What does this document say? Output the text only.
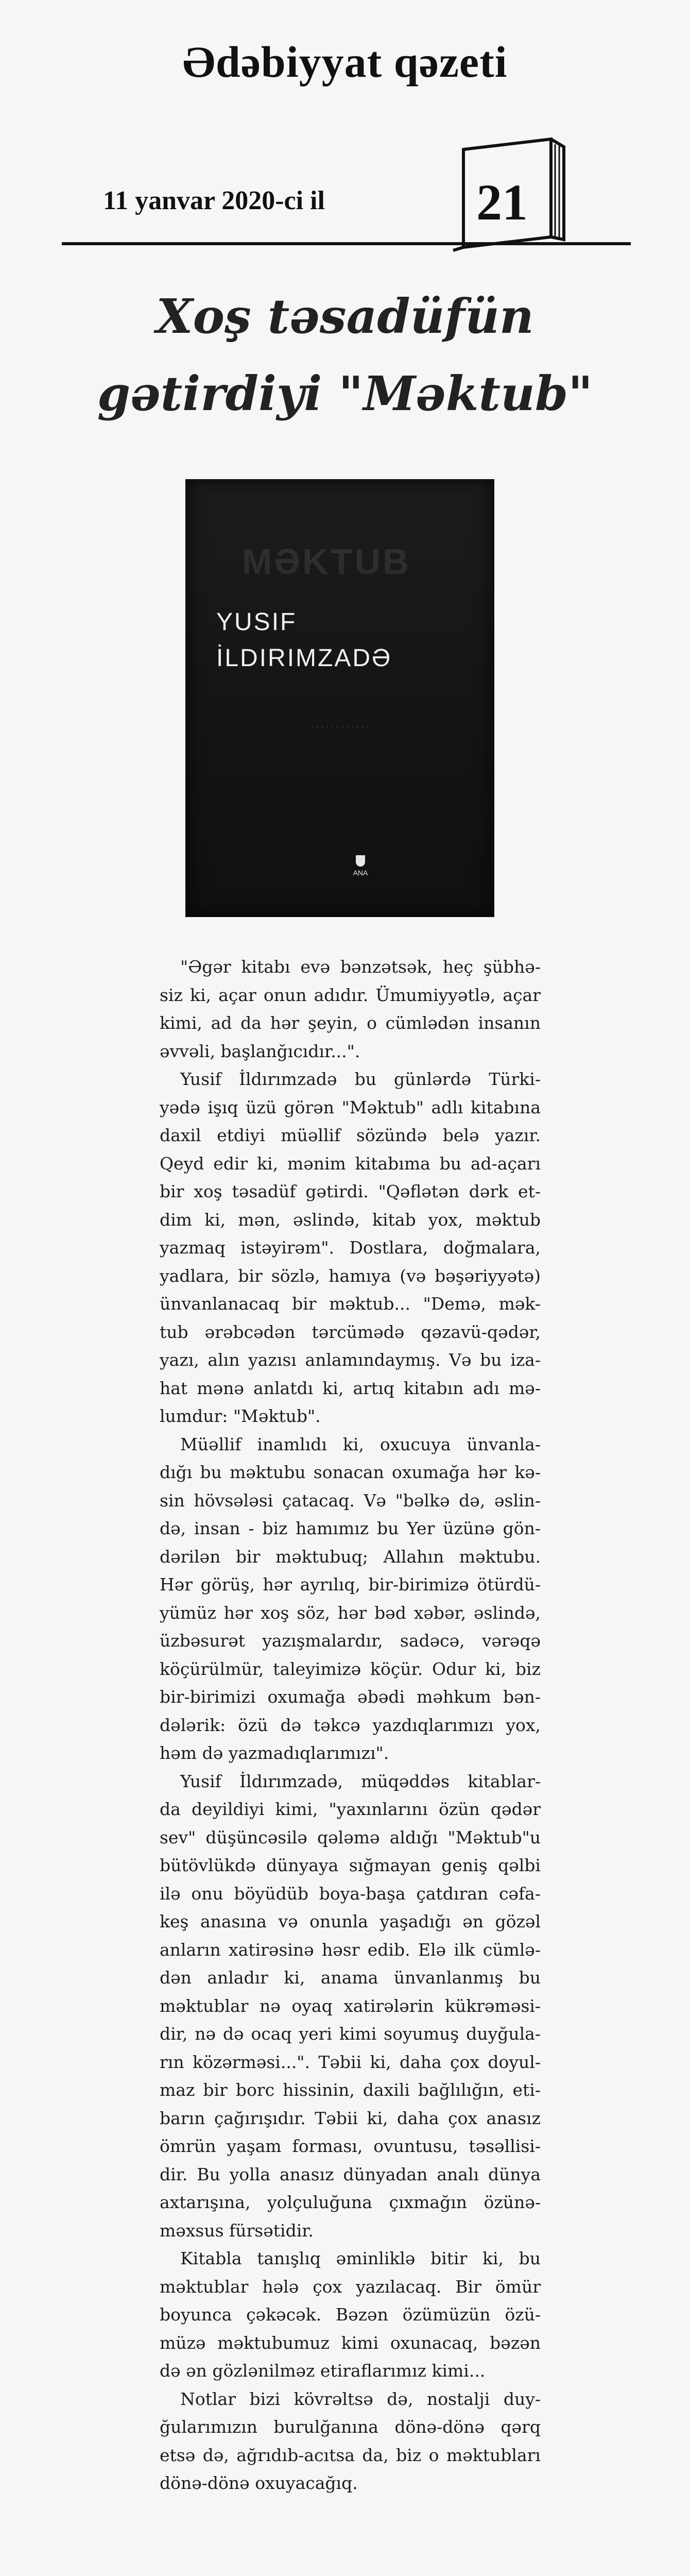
Ədəbiyyat qəzeti
11 yanvar 2020-ci il	21
Xoş təsadüfün
gətirdiyi "Məktub"
MƏKTUB
YUSIF
İLDIRIMZADƏ
· · · · · · · · · · · ·
ANA
"Əgər kitabı evə bənzətsək, heç şübhə-
siz ki, açar onun adıdır. Ümumiyyətlə, açar
kimi, ad da hər şeyin, o cümlədən insanın
əvvəli, başlanğıcıdır...".
Yusif İldırımzadə bu günlərdə Türki-
yədə işıq üzü görən "Məktub" adlı kitabına
daxil etdiyi müəllif sözündə belə yazır.
Qeyd edir ki, mənim kitabıma bu ad-açarı
bir xoş təsadüf gətirdi. "Qəflətən dərk et-
dim ki, mən, əslində, kitab yox, məktub
yazmaq istəyirəm". Dostlara, doğmalara,
yadlara, bir sözlə, hamıya (və bəşəriyyətə)
ünvanlanacaq bir məktub... "Demə, mək-
tub ərəbcədən tərcümədə qəzavü-qədər,
yazı, alın yazısı anlamındaymış. Və bu iza-
hat mənə anlatdı ki, artıq kitabın adı mə-
lumdur: "Məktub".
Müəllif inamlıdı ki, oxucuya ünvanla-
dığı bu məktubu sonacan oxumağa hər kə-
sin hövsələsi çatacaq. Və "bəlkə də, əslin-
də, insan - biz hamımız bu Yer üzünə gön-
dərilən bir məktubuq; Allahın məktubu.
Hər görüş, hər ayrılıq, bir-birimizə ötürdü-
yümüz hər xoş söz, hər bəd xəbər, əslində,
üzbəsurət yazışmalardır, sadəcə, vərəqə
köçürülmür, taleyimizə köçür. Odur ki, biz
bir-birimizi oxumağa əbədi məhkum bən-
dələrik: özü də təkcə yazdıqlarımızı yox,
həm də yazmadıqlarımızı".
Yusif İldırımzadə, müqəddəs kitablar-
da deyildiyi kimi, "yaxınlarını özün qədər
sev" düşüncəsilə qələmə aldığı "Məktub"u
bütövlükdə dünyaya sığmayan geniş qəlbi
ilə onu böyüdüb boya-başa çatdıran cəfa-
keş anasına və onunla yaşadığı ən gözəl
anların xatirəsinə həsr edib. Elə ilk cümlə-
dən anladır ki, anama ünvanlanmış bu
məktublar nə oyaq xatirələrin kükrəməsi-
dir, nə də ocaq yeri kimi soyumuş duyğula-
rın közərməsi...". Təbii ki, daha çox doyul-
maz bir borc hissinin, daxili bağlılığın, eti-
barın çağırışıdır. Təbii ki, daha çox anasız
ömrün yaşam forması, ovuntusu, təsəllisi-
dir. Bu yolla anasız dünyadan analı dünya
axtarışına, yolçuluğuna çıxmağın özünə-
məxsus fürsətidir.
Kitabla tanışlıq əminliklə bitir ki, bu
məktublar hələ çox yazılacaq. Bir ömür
boyunca çəkəcək. Bəzən özümüzün özü-
müzə məktubumuz kimi oxunacaq, bəzən
də ən gözlənilməz etiraflarımız kimi...
Notlar bizi kövrəltsə də, nostalji duy-
ğularımızın burulğanına dönə-dönə qərq
etsə də, ağrıdıb-acıtsa da, biz o məktubları
dönə-dönə oxuyacağıq.
